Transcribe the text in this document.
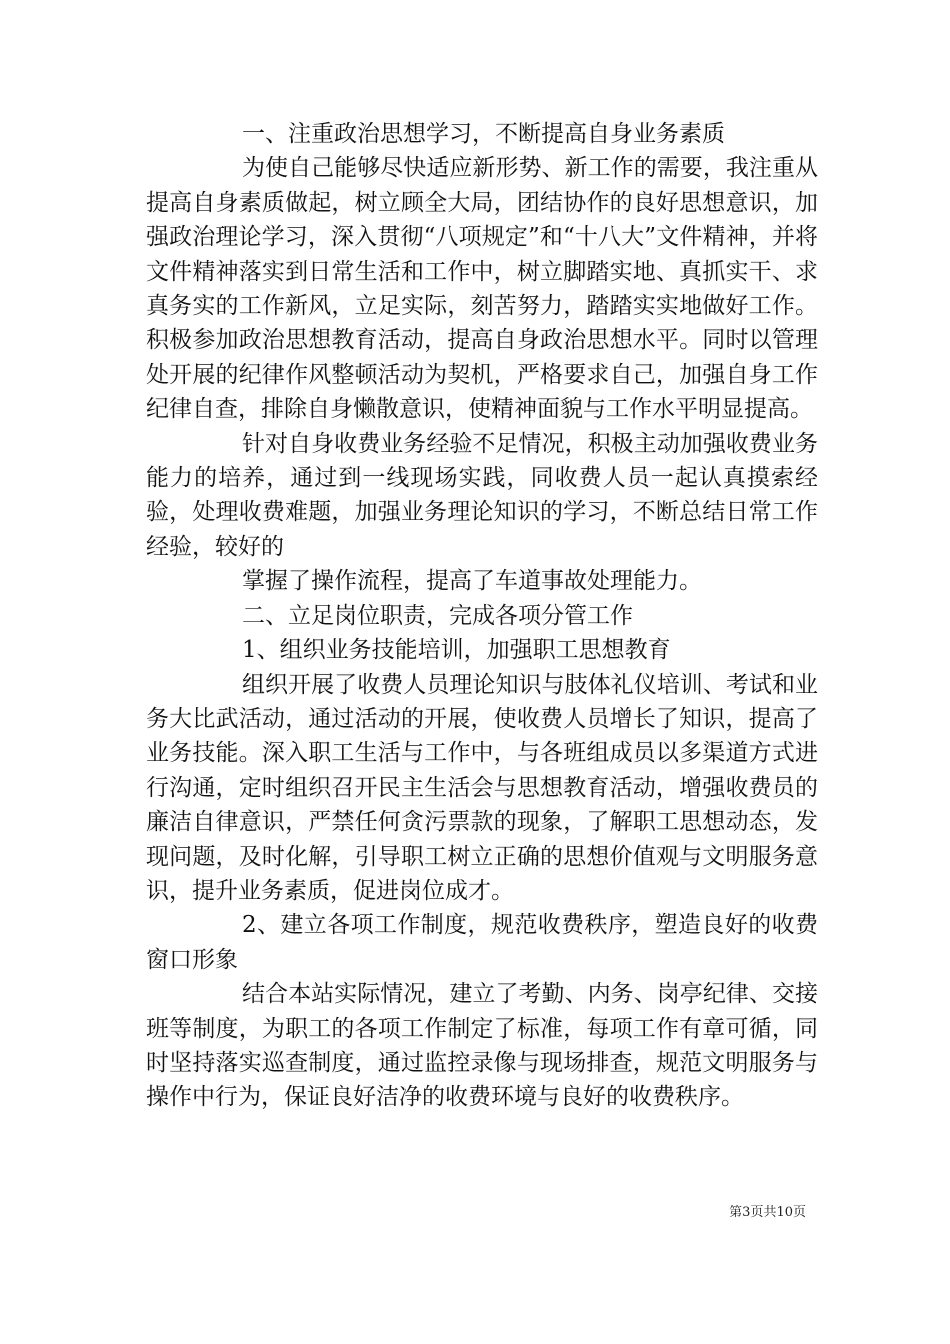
一、注重政治思想学习，不断提高自身业务素质

为使自己能够尽快适应新形势、新工作的需要，我注重从提高自身素质做起，树立顾全大局，团结协作的良好思想意识，加强政治理论学习，深入贯彻“八项规定”和“十八大”文件精神，并将文件精神落实到日常生活和工作中，树立脚踏实地、真抓实干、求真务实的工作新风，立足实际，刻苦努力，踏踏实实地做好工作。积极参加政治思想教育活动，提高自身政治思想水平。同时以管理处开展的纪律作风整顿活动为契机，严格要求自己，加强自身工作纪律自查，排除自身懒散意识，使精神面貌与工作水平明显提高。

针对自身收费业务经验不足情况，积极主动加强收费业务能力的培养，通过到一线现场实践，同收费人员一起认真摸索经验，处理收费难题，加强业务理论知识的学习，不断总结日常工作经验，较好的

掌握了操作流程，提高了车道事故处理能力。

二、立足岗位职责，完成各项分管工作

1、组织业务技能培训，加强职工思想教育

组织开展了收费人员理论知识与肢体礼仪培训、考试和业务大比武活动，通过活动的开展，使收费人员增长了知识，提高了业务技能。深入职工生活与工作中，与各班组成员以多渠道方式进行沟通，定时组织召开民主生活会与思想教育活动，增强收费员的廉洁自律意识，严禁任何贪污票款的现象，了解职工思想动态，发现问题，及时化解，引导职工树立正确的思想价值观与文明服务意识，提升业务素质，促进岗位成才。

2、建立各项工作制度，规范收费秩序，塑造良好的收费窗口形象

结合本站实际情况，建立了考勤、内务、岗亭纪律、交接班等制度，为职工的各项工作制定了标准，每项工作有章可循，同时坚持落实巡查制度，通过监控录像与现场排查，规范文明服务与操作中行为，保证良好洁净的收费环境与良好的收费秩序。

第3页共10页
